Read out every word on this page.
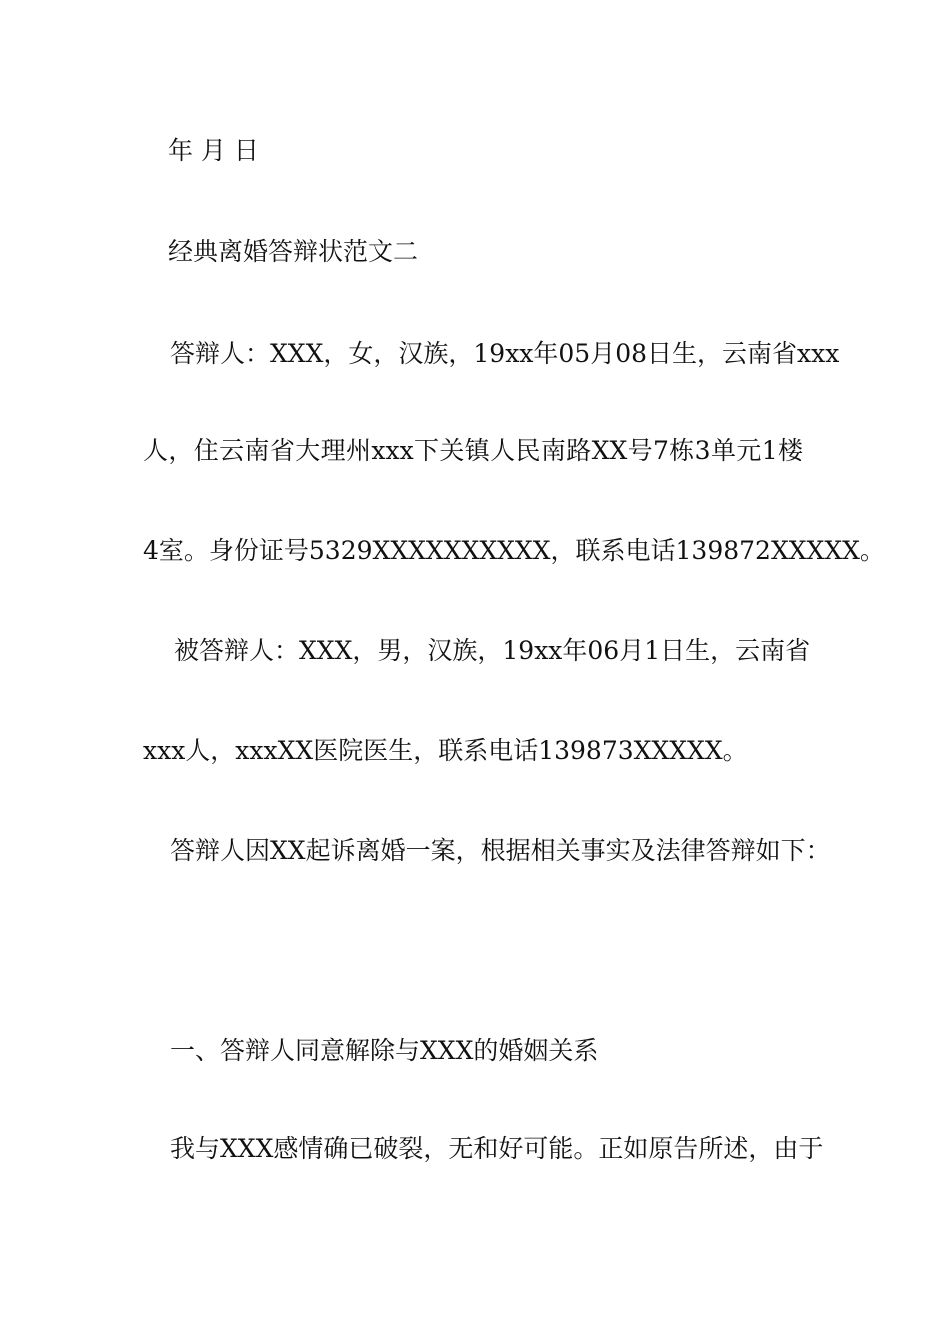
年 月 日
经典离婚答辩状范文二
答辩人：XXX，女，汉族，19xx年05月08日生，云南省xxx
人，住云南省大理州xxx下关镇人民南路XX号7栋3单元1楼
4室。身份证号5329XXXXXXXXXX，联系电话139872XXXXX。
被答辩人：XXX，男，汉族，19xx年06月1日生，云南省
xxx人，xxxXX医院医生，联系电话139873XXXXX。
答辩人因XX起诉离婚一案，根据相关事实及法律答辩如下：
一、答辩人同意解除与XXX的婚姻关系
我与XXX感情确已破裂，无和好可能。正如原告所述，由于
